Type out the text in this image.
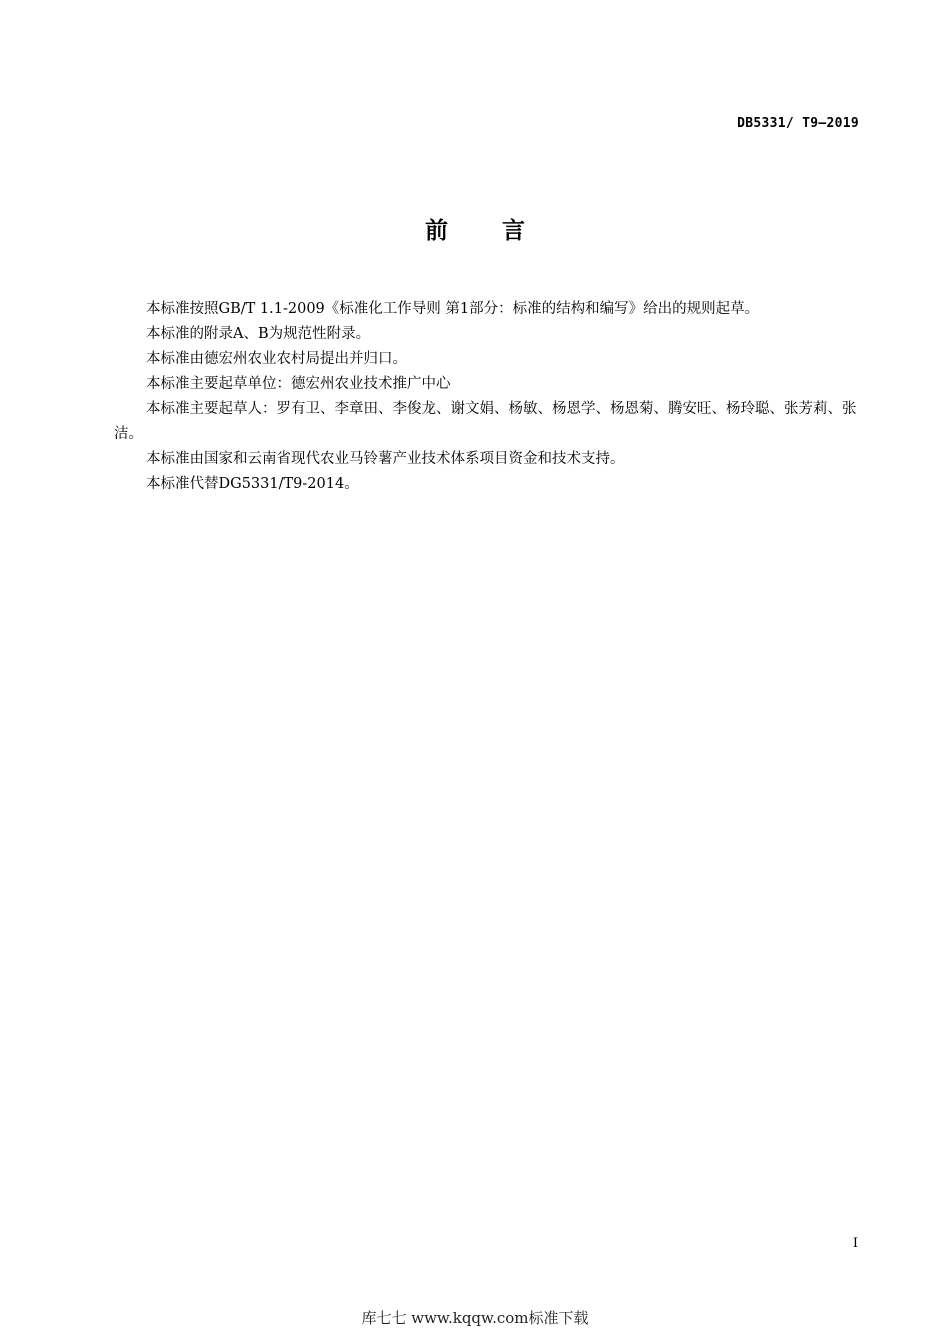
DB5331/ T9—2019
前 言

本标准按照GB/T 1.1-2009《标准化工作导则 第1部分：标准的结构和编写》给出的规则起草。

本标准的附录A、B为规范性附录。

本标准由德宏州农业农村局提出并归口。

本标准主要起草单位：德宏州农业技术推广中心

本标准主要起草人：罗有卫、李章田、李俊龙、谢文娟、杨敏、杨恩学、杨恩菊、腾安旺、杨玲聪、张芳莉、张洁。

本标准由国家和云南省现代农业马铃薯产业技术体系项目资金和技术支持。

本标准代替DG5331/T9-2014。

I
库七七 www.kqqw.com标准下载
